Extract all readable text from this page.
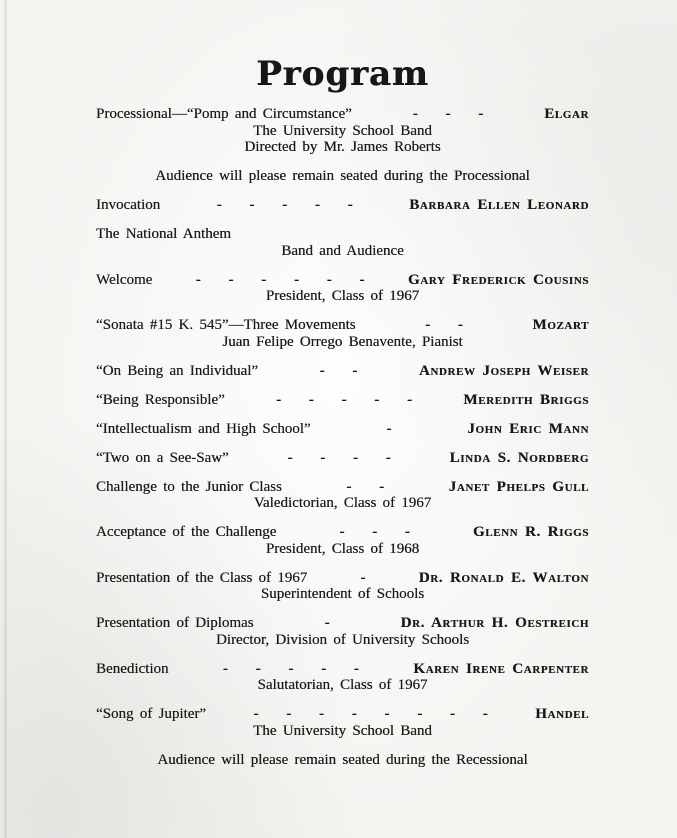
Program
Processional—“Pomp and Circumstance”	- - -	Elgar
The University School Band
Directed by Mr. James Roberts
Audience will please remain seated during the Processional
Invocation	- - - - -	Barbara Ellen Leonard
The National Anthem
Band and Audience
Welcome	- - - - - -	Gary Frederick Cousins
President, Class of 1967
“Sonata #15 K. 545”—Three Movements	- -	Mozart
Juan Felipe Orrego Benavente, Pianist
“On Being an Individual”	- -	Andrew Joseph Weiser
“Being Responsible”	- - - - -	Meredith Briggs
“Intellectualism and High School”	-	John Eric Mann
“Two on a See-Saw”	- - - -	Linda S. Nordberg
Challenge to the Junior Class	- -	Janet Phelps Gull
Valedictorian, Class of 1967
Acceptance of the Challenge	- - -	Glenn R. Riggs
President, Class of 1968
Presentation of the Class of 1967	-	Dr. Ronald E. Walton
Superintendent of Schools
Presentation of Diplomas	-	Dr. Arthur H. Oestreich
Director, Division of University Schools
Benediction	- - - - -	Karen Irene Carpenter
Salutatorian, Class of 1967
“Song of Jupiter”	- - - - - - - -	Handel
The University School Band
Audience will please remain seated during the Recessional
